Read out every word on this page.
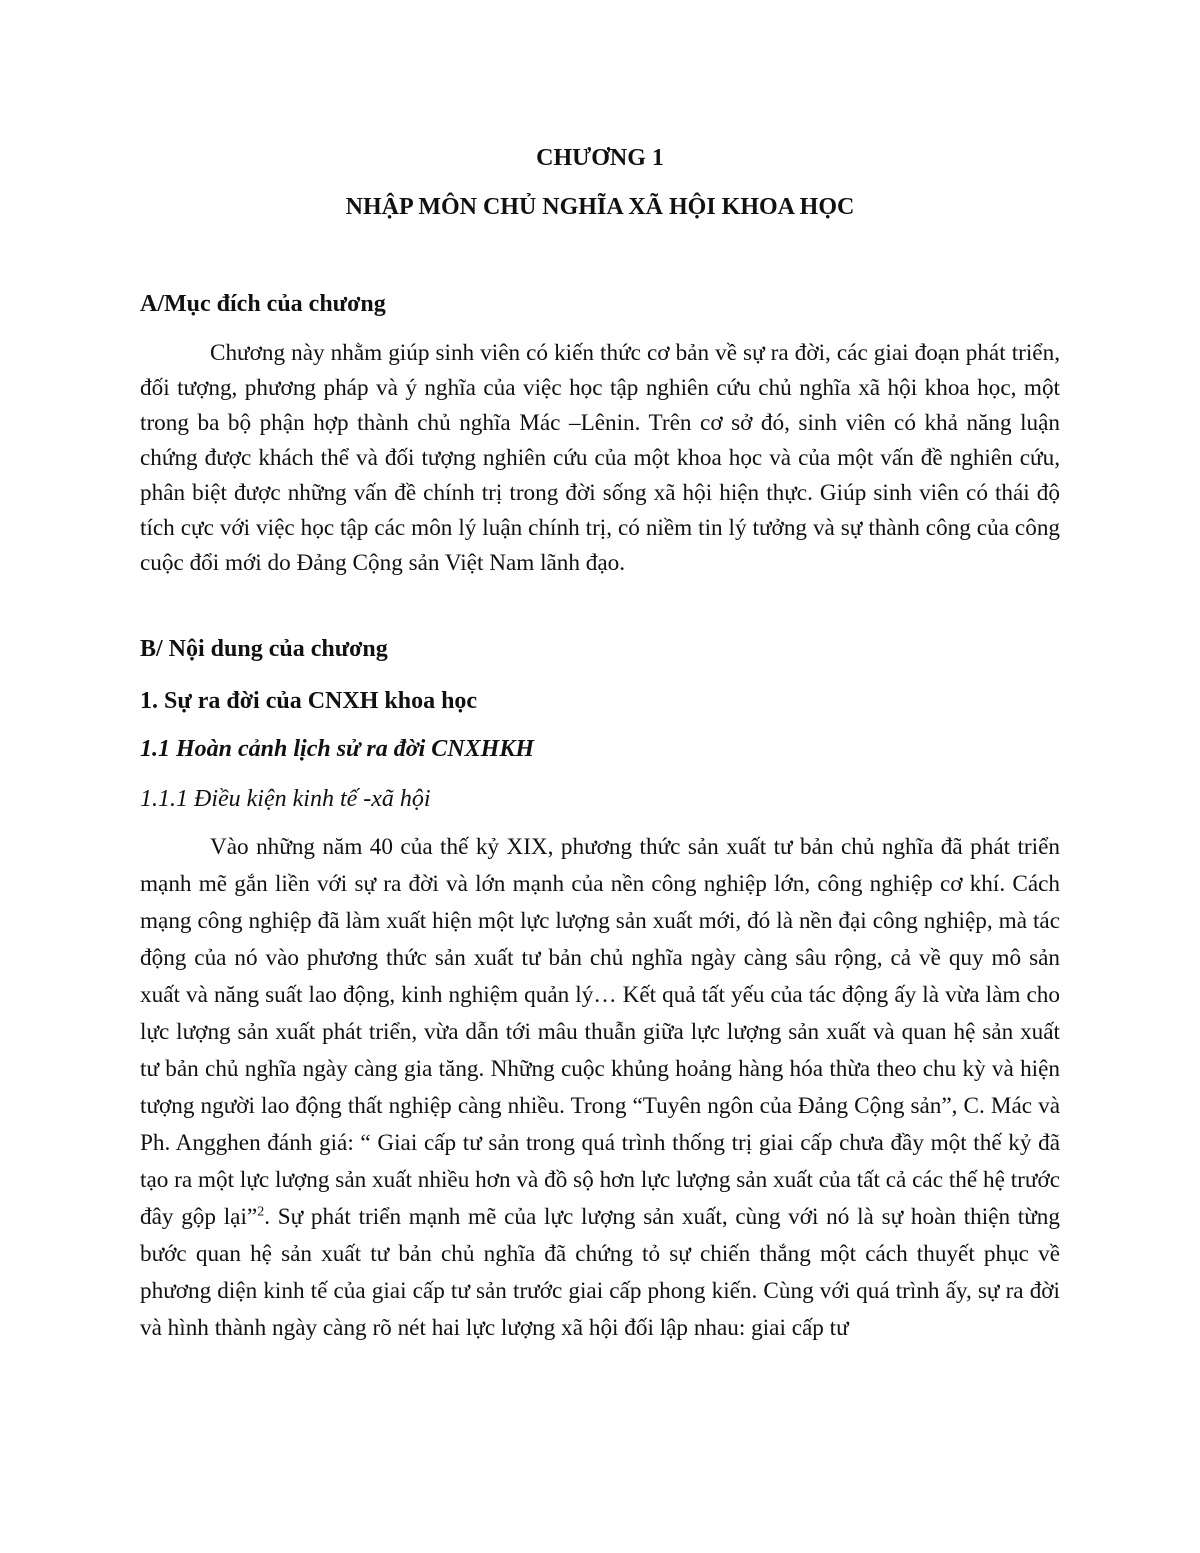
CHƯƠNG 1
NHẬP MÔN CHỦ NGHĨA XÃ HỘI KHOA HỌC
A/Mục đích của chương

Chương này nhằm giúp sinh viên có kiến thức cơ bản về sự ra đời, các giai đoạn phát triển, đối tượng, phương pháp và ý nghĩa của việc học tập nghiên cứu chủ nghĩa xã hội khoa học, một trong ba bộ phận hợp thành chủ nghĩa Mác –Lênin. Trên cơ sở đó, sinh viên có khả năng luận chứng được khách thể và đối tượng nghiên cứu của một khoa học và của một vấn đề nghiên cứu, phân biệt được những vấn đề chính trị trong đời sống xã hội hiện thực. Giúp sinh viên có thái độ tích cực với việc học tập các môn lý luận chính trị, có niềm tin lý tưởng và sự thành công của công cuộc đổi mới do Đảng Cộng sản Việt Nam lãnh đạo.

B/ Nội dung của chương
1. Sự ra đời của CNXH khoa học
1.1 Hoàn cảnh lịch sử ra đời CNXHKH
1.1.1 Điều kiện kinh tế -xã hội

Vào những năm 40 của thế kỷ XIX, phương thức sản xuất tư bản chủ nghĩa đã phát triển mạnh mẽ gắn liền với sự ra đời và lớn mạnh của nền công nghiệp lớn, công nghiệp cơ khí. Cách mạng công nghiệp đã làm xuất hiện một lực lượng sản xuất mới, đó là nền đại công nghiệp, mà tác động của nó vào phương thức sản xuất tư bản chủ nghĩa ngày càng sâu rộng, cả về quy mô sản xuất và năng suất lao động, kinh nghiệm quản lý… Kết quả tất yếu của tác động ấy là vừa làm cho lực lượng sản xuất phát triển, vừa dẫn tới mâu thuẫn giữa lực lượng sản xuất và quan hệ sản xuất tư bản chủ nghĩa ngày càng gia tăng. Những cuộc khủng hoảng hàng hóa thừa theo chu kỳ và hiện tượng người lao động thất nghiệp càng nhiều. Trong “Tuyên ngôn của Đảng Cộng sản”, C. Mác và Ph. Angghen đánh giá: “ Giai cấp tư sản trong quá trình thống trị giai cấp chưa đầy một thế kỷ đã tạo ra một lực lượng sản xuất nhiều hơn và đồ sộ hơn lực lượng sản xuất của tất cả các thế hệ trước đây gộp lại”$^2$. Sự phát triển mạnh mẽ của lực lượng sản xuất, cùng với nó là sự hoàn thiện từng bước quan hệ sản xuất tư bản chủ nghĩa đã chứng tỏ sự chiến thắng một cách thuyết phục về phương diện kinh tế của giai cấp tư sản trước giai cấp phong kiến. Cùng với quá trình ấy, sự ra đời và hình thành ngày càng rõ nét hai lực lượng xã hội đối lập nhau: giai cấp tư
